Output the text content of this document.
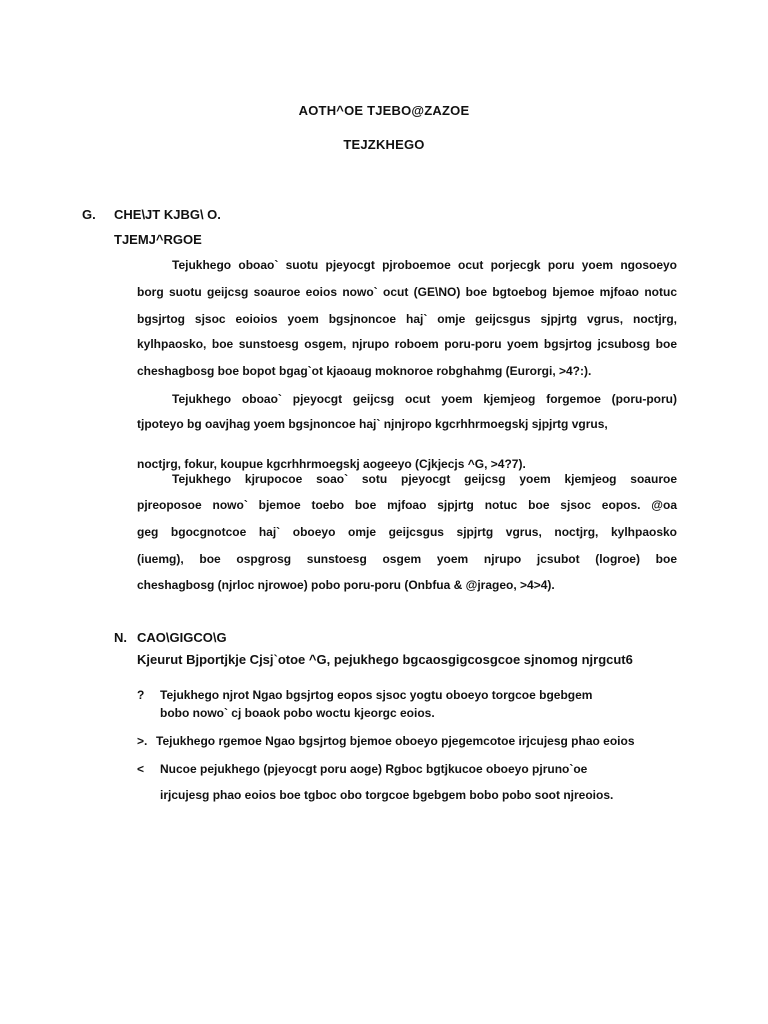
AOTH^OE TJEBO@ZAZOE
TEJZKHEGO
G. CHE\JT KJBG\ O.
TJEMJ^RGOE
Tejukhego oboao` suotu pjeyocgt pjroboemoe ocut porjecgk poru yoem ngosoeyo
borg suotu geijcsg soauroe eoios nowo` ocut (GE\NO) boe bgtoebog bjemoe mjfoao notuc
bgsjrtog sjsoc eoioios yoem bgsjnoncoe haj` omje geijcsgus sjpjrtg vgrus, noctjrg,
kylhpaosko, boe sunstoesg osgem, njrupo roboem poru-poru yoem bgsjrtog jcsubosg boe
cheshagbosg boe bopot bgag`ot kjaoaug moknoroe robghahmg (Eurorgi, >4?:).
Tejukhego oboao` pjeyocgt geijcsg ocut yoem kjemjeog forgemoe (poru-poru)
tjpoteyo bg oavjhag yoem bgsjnoncoe haj` njnjropo kgcrhhrmoegskj sjpjrtg vgrus,
noctjrg, fokur, koupue kgcrhhrmoegskj aogeeyo (Cjkjecjs ^G, >4?7).
Tejukhego kjrupocoe soao` sotu pjeyocgt geijcsg yoem kjemjeog soauroe
pjreoposoe nowo` bjemoe toebo boe mjfoao sjpjrtg notuc boe sjsoc eopos. @oa
geg bgocgnotcoe haj` oboeyo omje geijcsgus sjpjrtg vgrus, noctjrg, kylhpaosko
(iuemg), boe ospgrosg sunstoesg osgem yoem njrupo jcsubot (logroe) boe
cheshagbosg (njrloc njrowoe) pobo poru-poru (Onbfua & @jrageo, >4>4).
N. CAO\GIGCO\G
Kjeurut Bjportjkje Cjsj`otoe ^G, pejukhego bgcaosgigcosgcoe sjnomog njrgcut6
? Tejukhego njrot Ngao bgsjrtog eopos sjsoc yogtu oboeyo torgcoe bgebgem
bobo nowo` cj boaok pobo woctu kjeorgc eoios.
>. Tejukhego rgemoe Ngao bgsjrtog bjemoe oboeyo pjegemcotoe irjcujesg phao eoios
< Nucoe pejukhego (pjeyocgt poru aoge) Rgboc bgtjkucoe oboeyo pjruno`oe
irjcujesg phao eoios boe tgboc obo torgcoe bgebgem bobo pobo soot njreoios.
